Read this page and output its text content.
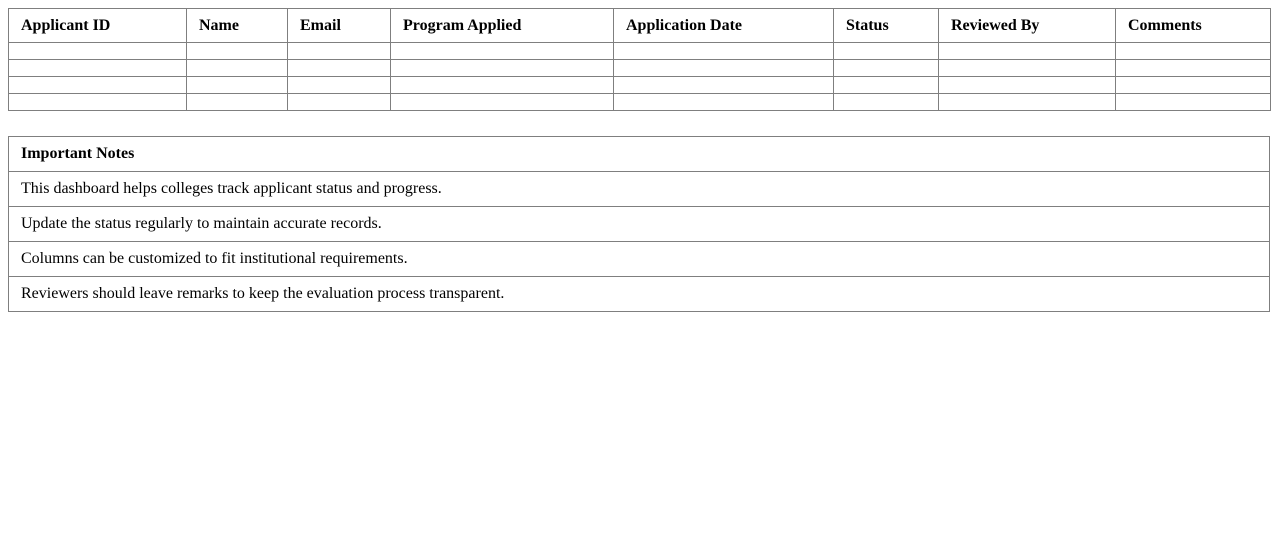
Applicant ID	Name	Email	Program Applied	Application Date	Status	Reviewed By	Comments

Important Notes
This dashboard helps colleges track applicant status and progress.
Update the status regularly to maintain accurate records.
Columns can be customized to fit institutional requirements.
Reviewers should leave remarks to keep the evaluation process transparent.
